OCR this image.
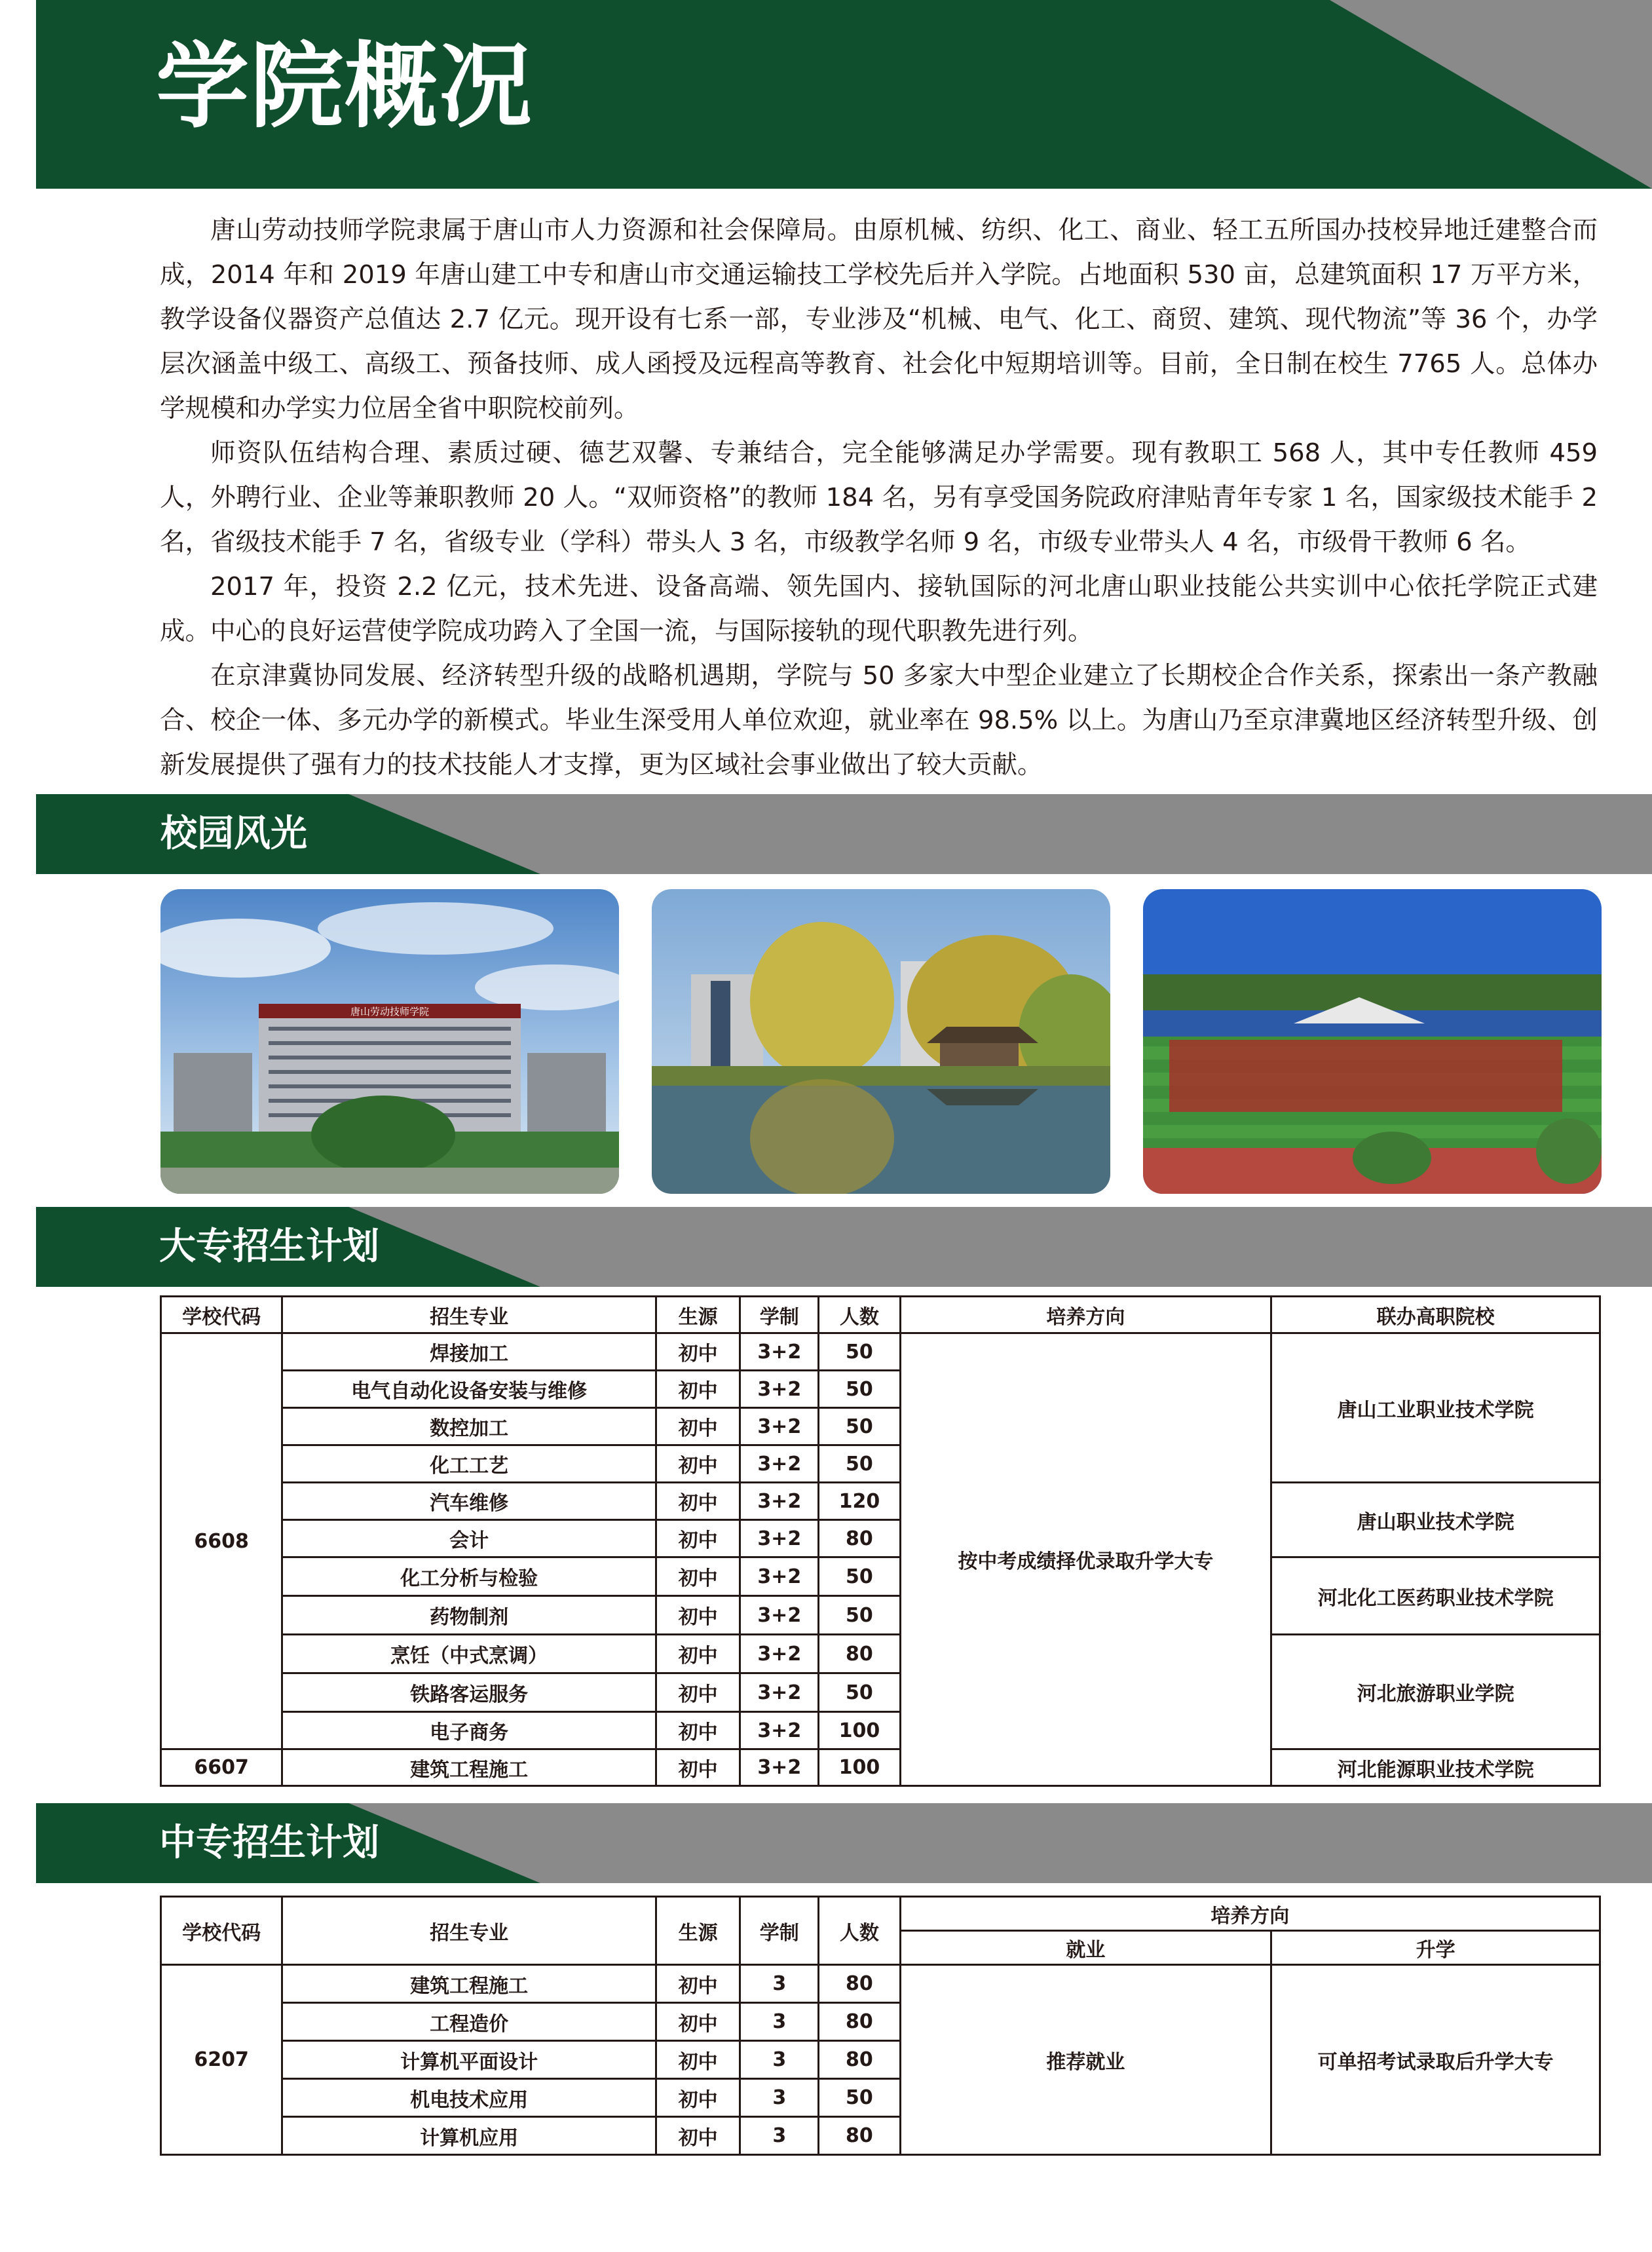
学院概况

唐山劳动技师学院隶属于唐山市人力资源和社会保障局。由原机械、纺织、化工、商业、轻工五所国办技校异地迁建整合而成，2014 年和 2019 年唐山建工中专和唐山市交通运输技工学校先后并入学院。占地面积 530 亩，总建筑面积 17 万平方米，教学设备仪器资产总值达 2.7 亿元。现开设有七系一部，专业涉及“机械、电气、化工、商贸、建筑、现代物流”等 36 个，办学层次涵盖中级工、高级工、预备技师、成人函授及远程高等教育、社会化中短期培训等。目前，全日制在校生 7765 人。总体办学规模和办学实力位居全省中职院校前列。

师资队伍结构合理、素质过硬、德艺双馨、专兼结合，完全能够满足办学需要。现有教职工 568 人，其中专任教师 459 人，外聘行业、企业等兼职教师 20 人。“双师资格”的教师 184 名，另有享受国务院政府津贴青年专家 1 名，国家级技术能手 2 名，省级技术能手 7 名，省级专业（学科）带头人 3 名，市级教学名师 9 名，市级专业带头人 4 名，市级骨干教师 6 名。

2017 年，投资 2.2 亿元，技术先进、设备高端、领先国内、接轨国际的河北唐山职业技能公共实训中心依托学院正式建成。中心的良好运营使学院成功跨入了全国一流，与国际接轨的现代职教先进行列。

在京津冀协同发展、经济转型升级的战略机遇期，学院与 50 多家大中型企业建立了长期校企合作关系，探索出一条产教融合、校企一体、多元办学的新模式。毕业生深受用人单位欢迎，就业率在 98.5% 以上。为唐山乃至京津冀地区经济转型升级、创新发展提供了强有力的技术技能人才支撑，更为区域社会事业做出了较大贡献。

校园风光
唐山劳动技师学院
大专招生计划
学校代码	招生专业	生源	学制	人数	培养方向	联办高职院校
6608	焊接加工	初中	3+2	50	按中考成绩择优录取升学大专	唐山工业职业技术学院
	电气自动化设备安装与维修	初中	3+2	50		
	数控加工	初中	3+2	50		
	化工工艺	初中	3+2	50		
	汽车维修	初中	3+2	120		唐山职业技术学院
	会计	初中	3+2	80		
	化工分析与检验	初中	3+2	50		河北化工医药职业技术学院
	药物制剂	初中	3+2	50		
	烹饪（中式烹调）	初中	3+2	80		河北旅游职业学院
	铁路客运服务	初中	3+2	50		
	电子商务	初中	3+2	100		
6607	建筑工程施工	初中	3+2	100		河北能源职业技术学院
中专招生计划
学校代码	招生专业	生源	学制	人数	培养方向	
					就业	升学
6207	建筑工程施工	初中	3	80	推荐就业	可单招考试录取后升学大专
	工程造价	初中	3	80		
	计算机平面设计	初中	3	80		
	机电技术应用	初中	3	50		
	计算机应用	初中	3	80		
